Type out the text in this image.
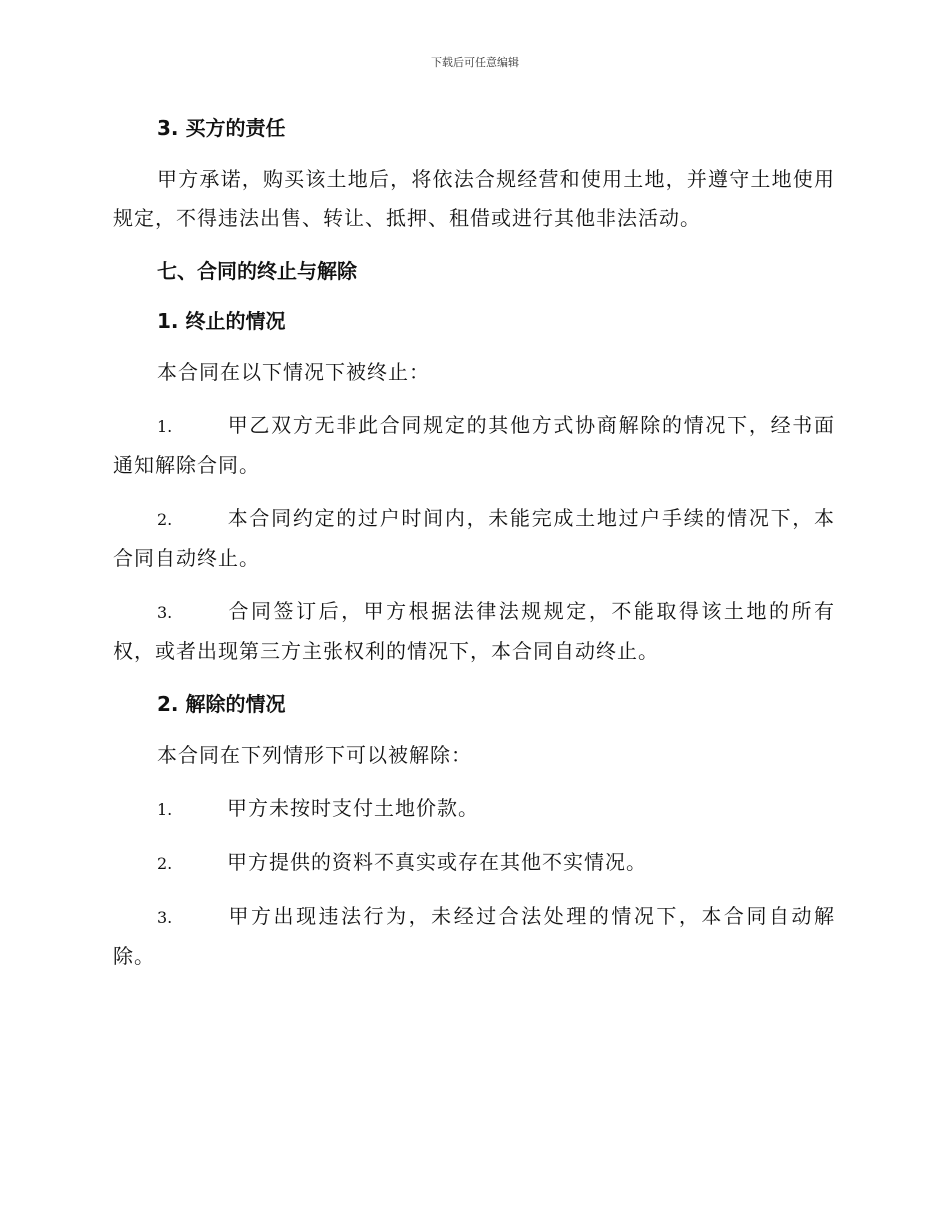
下载后可任意编辑
3. 买方的责任

甲方承诺，购买该土地后，将依法合规经营和使用土地，并遵守土地使用规定，不得违法出售、转让、抵押、租借或进行其他非法活动。

七、合同的终止与解除
1. 终止的情况

本合同在以下情况下被终止：

1.	甲乙双方无非此合同规定的其他方式协商解除的情况下，经书面通知解除合同。

2.	本合同约定的过户时间内，未能完成土地过户手续的情况下，本合同自动终止。

3.	合同签订后，甲方根据法律法规规定，不能取得该土地的所有权，或者出现第三方主张权利的情况下，本合同自动终止。

2. 解除的情况

本合同在下列情形下可以被解除：

1.	甲方未按时支付土地价款。

2.	甲方提供的资料不真实或存在其他不实情况。

3.	甲方出现违法行为，未经过合法处理的情况下，本合同自动解除。
